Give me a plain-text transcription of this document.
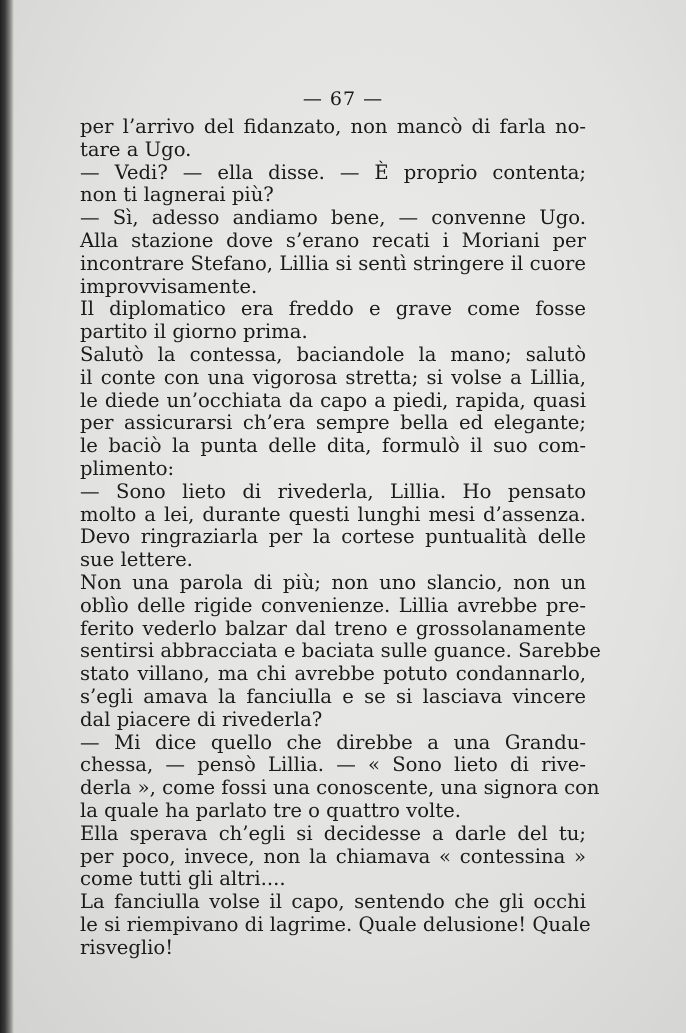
— 67 —
per l’arrivo del fidanzato, non mancò di farla no-
tare a Ugo.
— Vedi? — ella disse. — È proprio contenta;
non ti lagnerai più?
— Sì, adesso andiamo bene, — convenne Ugo.
Alla stazione dove s’erano recati i Moriani per
incontrare Stefano, Lillia si sentì stringere il cuore
improvvisamente.
Il diplomatico era freddo e grave come fosse
partito il giorno prima.
Salutò la contessa, baciandole la mano; salutò
il conte con una vigorosa stretta; si volse a Lillia,
le diede un’occhiata da capo a piedi, rapida, quasi
per assicurarsi ch’era sempre bella ed elegante;
le baciò la punta delle dita, formulò il suo com-
plimento:
— Sono lieto di rivederla, Lillia. Ho pensato
molto a lei, durante questi lunghi mesi d’assenza.
Devo ringraziarla per la cortese puntualità delle
sue lettere.
Non una parola di più; non uno slancio, non un
oblìo delle rigide convenienze. Lillia avrebbe pre-
ferito vederlo balzar dal treno e grossolanamente
sentirsi abbracciata e baciata sulle guance. Sarebbe
stato villano, ma chi avrebbe potuto condannarlo,
s’egli amava la fanciulla e se si lasciava vincere
dal piacere di rivederla?
— Mi dice quello che direbbe a una Grandu-
chessa, — pensò Lillia. — « Sono lieto di rive-
derla », come fossi una conoscente, una signora con
la quale ha parlato tre o quattro volte.
Ella sperava ch’egli si decidesse a darle del tu;
per poco, invece, non la chiamava « contessina »
come tutti gli altri....
La fanciulla volse il capo, sentendo che gli occhi
le si riempivano di lagrime. Quale delusione! Quale
risveglio!
